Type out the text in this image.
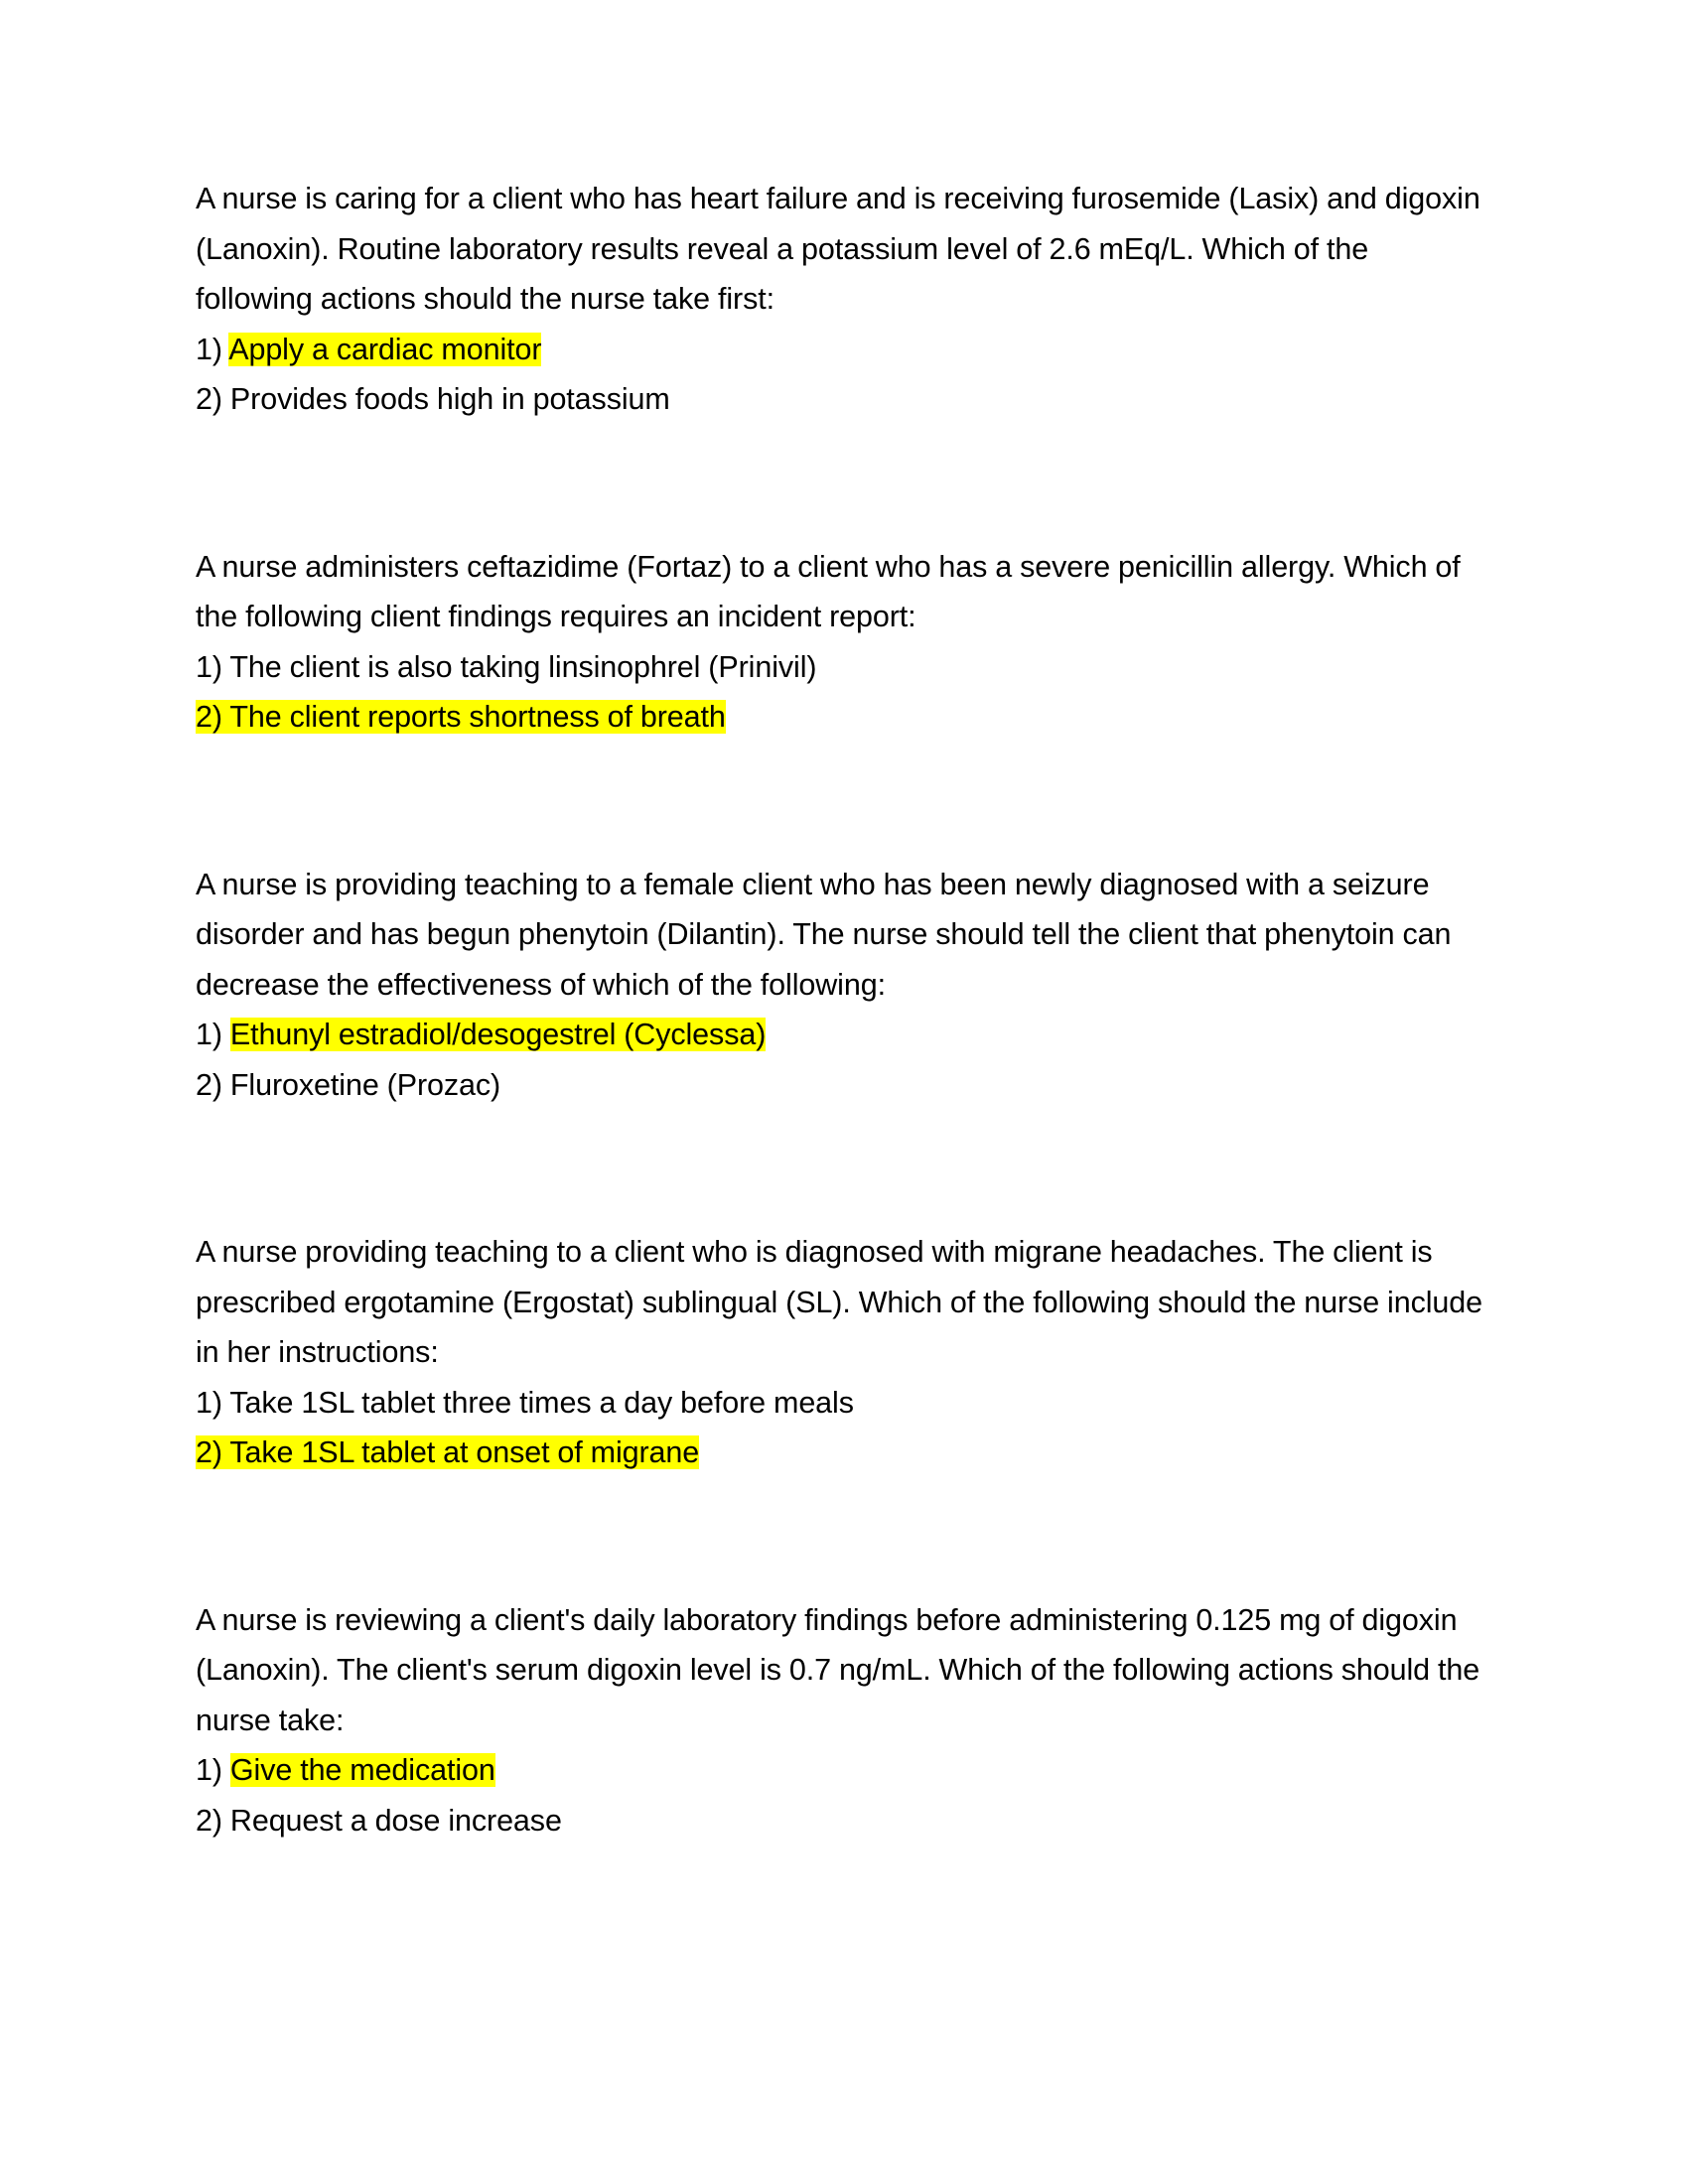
A nurse is caring for a client who has heart failure and is receiving furosemide (Lasix) and digoxin (Lanoxin). Routine laboratory results reveal a potassium level of 2.6 mEq/L. Which of the following actions should the nurse take first:

1) Apply a cardiac monitor
2) Provides foods high in potassium

A nurse administers ceftazidime (Fortaz) to a client who has a severe penicillin allergy. Which of the following client findings requires an incident report:

1) The client is also taking linsinophrel (Prinivil)
2) The client reports shortness of breath

A nurse is providing teaching to a female client who has been newly diagnosed with a seizure disorder and has begun phenytoin (Dilantin). The nurse should tell the client that phenytoin can decrease the effectiveness of which of the following:

1) Ethunyl estradiol/desogestrel (Cyclessa)
2) Fluroxetine (Prozac)

A nurse providing teaching to a client who is diagnosed with migrane headaches. The client is prescribed ergotamine (Ergostat) sublingual (SL). Which of the following should the nurse include in her instructions:

1) Take 1SL tablet three times a day before meals
2) Take 1SL tablet at onset of migrane

A nurse is reviewing a client's daily laboratory findings before administering 0.125 mg of digoxin (Lanoxin). The client's serum digoxin level is 0.7 ng/mL. Which of the following actions should the nurse take:

1) Give the medication
2) Request a dose increase
